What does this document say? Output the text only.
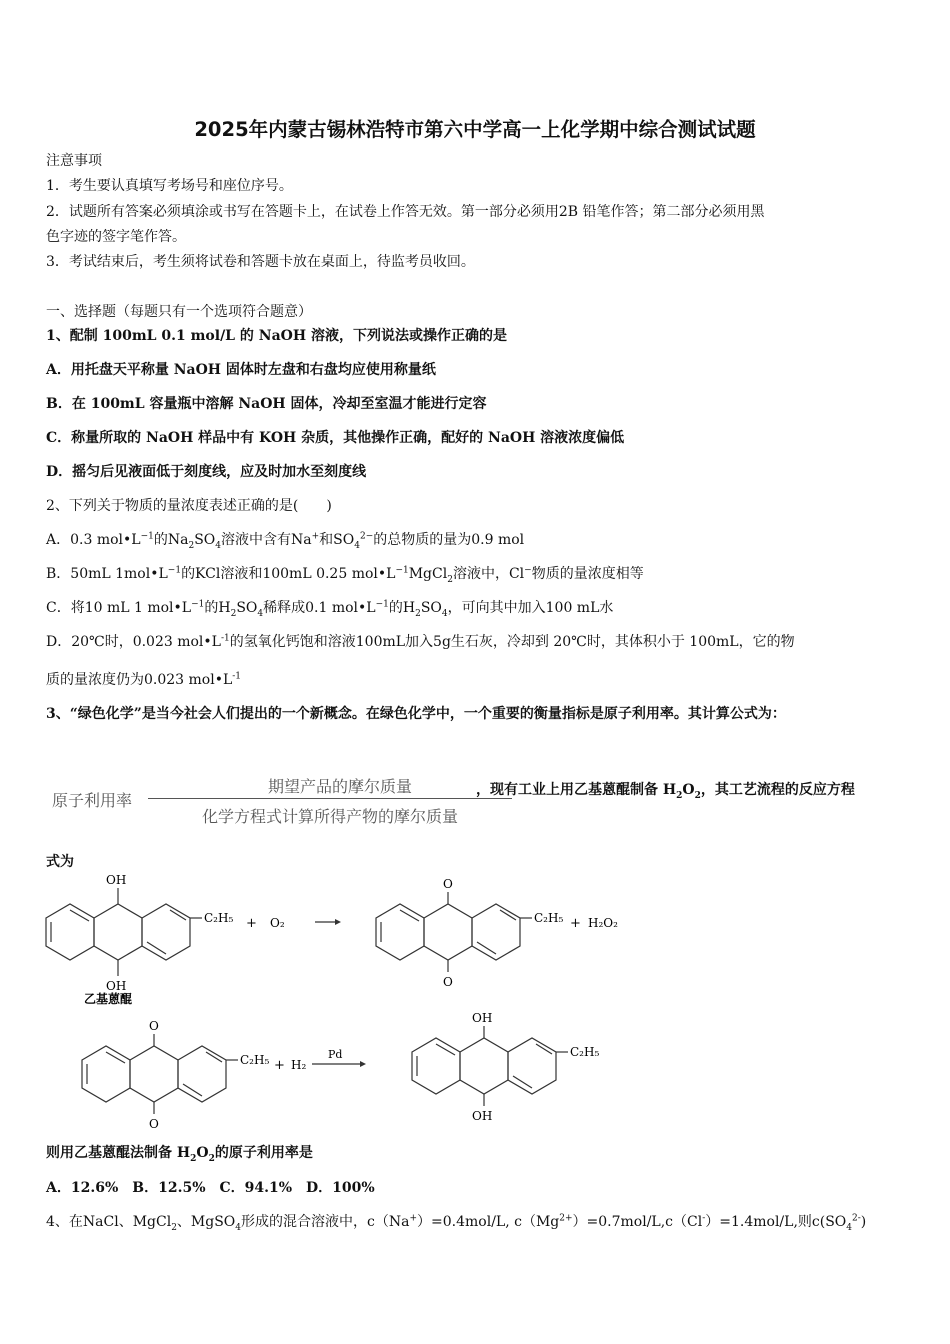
2025年内蒙古锡林浩特市第六中学高一上化学期中综合测试试题
注意事项
1．考生要认真填写考场号和座位序号。
2．试题所有答案必须填涂或书写在答题卡上，在试卷上作答无效。第一部分必须用2B 铅笔作答；第二部分必须用黑
色字迹的签字笔作答。
3．考试结束后，考生须将试卷和答题卡放在桌面上，待监考员收回。
一、选择题（每题只有一个选项符合题意）
1、配制 100mL 0.1 mol/L 的 NaOH 溶液，下列说法或操作正确的是
A．用托盘天平称量 NaOH 固体时左盘和右盘均应使用称量纸
B．在 100mL 容量瓶中溶解 NaOH 固体，冷却至室温才能进行定容
C．称量所取的 NaOH 样品中有 KOH 杂质，其他操作正确，配好的 NaOH 溶液浓度偏低
D．摇匀后见液面低于刻度线，应及时加水至刻度线
2、下列关于物质的量浓度表述正确的是(　　)
A．0.3 $mol•L^{-1}$的$Na_2SO_4$溶液中含有Na+和$SO_4^{2-}$的总物质的量为0.9 mol
B．50mL $1mol•L^{-1}$的KCl溶液和100mL 0.25 $mol•L^{-1}MgCl_2$溶液中，Cl−物质的量浓度相等
C．将10 mL 1 $mol•L^{-1}$的$H_2SO_4$稀释成0.1 $mol•L^{-1}$的$H_2SO_4$，可向其中加入100 mL水
D．20℃时，0.023 $mol•L^{-1}$的氢氧化钙饱和溶液100mL加入5g生石灰，冷却到 20℃时，其体积小于 100mL，它的物
质的量浓度仍为0.023 $mol•L^{-1}$
3、“绿色化学”是当今社会人们提出的一个新概念。在绿色化学中，一个重要的衡量指标是原子利用率。其计算公式为：
原子利用率
期望产品的摩尔质量
化学方程式计算所得产物的摩尔质量
，现有工业上用乙基蒽醌制备 $H_2O_2$，其工艺流程的反应方程
式为
OH
OH
C₂H₅ + O₂
O
O
C₂H₅ + H₂O₂
乙基蒽醌
O
O
C₂H₅ + H₂
Pd
OH
OH
C₂H₅
则用乙基蒽醌法制备 $H_2O_2$的原子利用率是
A．12.6%　B．12.5%　C．94.1%　D．100%
4、在NaCl、MgCl$_2$、MgSO$_4$形成的混合溶液中，c（Na+）=0.4mol/L, $c(Mg^{2+})=0.7mol/L,c(Cl^-)=1.4mol/L$,则$c(SO_4^{2-})$
